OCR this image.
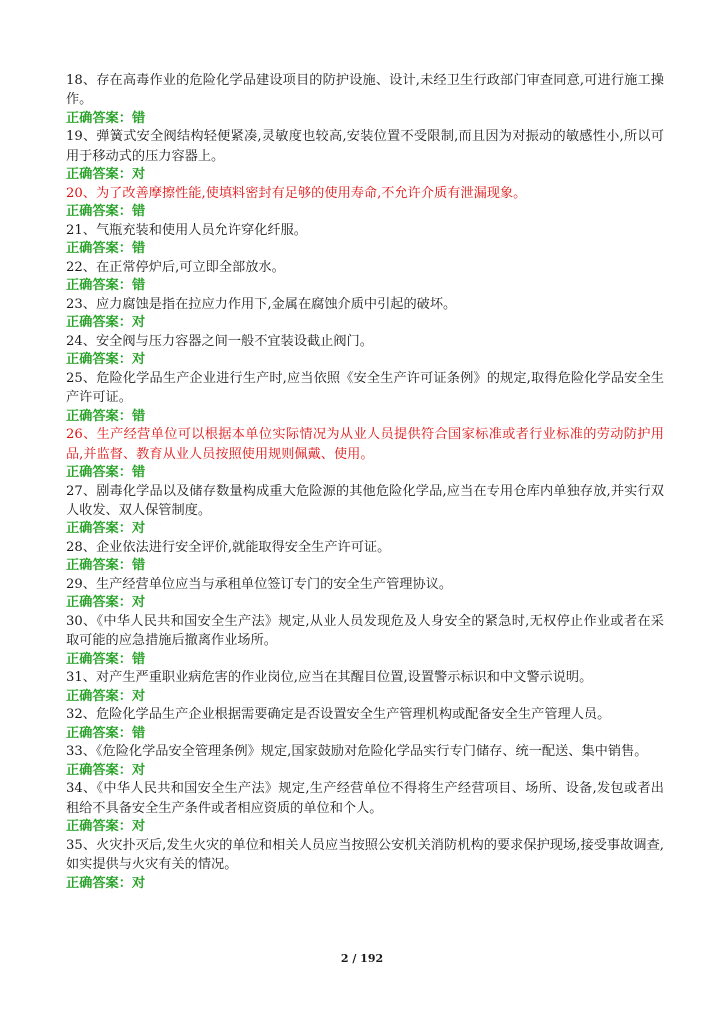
18、存在高毒作业的危险化学品建设项目的防护设施、设计,未经卫生行政部门审查同意,可进行施工操作。

正确答案：错

19、弹簧式安全阀结构轻便紧凑,灵敏度也较高,安装位置不受限制,而且因为对振动的敏感性小,所以可用于移动式的压力容器上。

正确答案：对

20、为了改善摩擦性能,使填料密封有足够的使用寿命,不允许介质有泄漏现象。

正确答案：错

21、气瓶充装和使用人员允许穿化纤服。

正确答案：错

22、在正常停炉后,可立即全部放水。

正确答案：错

23、应力腐蚀是指在拉应力作用下,金属在腐蚀介质中引起的破坏。

正确答案：对

24、安全阀与压力容器之间一般不宜装设截止阀门。

正确答案：对

25、危险化学品生产企业进行生产时,应当依照《安全生产许可证条例》的规定,取得危险化学品安全生产许可证。

正确答案：错

26、生产经营单位可以根据本单位实际情况为从业人员提供符合国家标准或者行业标准的劳动防护用品,并监督、教育从业人员按照使用规则佩戴、使用。

正确答案：错

27、剧毒化学品以及储存数量构成重大危险源的其他危险化学品,应当在专用仓库内单独存放,并实行双人收发、双人保管制度。

正确答案：对

28、企业依法进行安全评价,就能取得安全生产许可证。

正确答案：错

29、生产经营单位应当与承租单位签订专门的安全生产管理协议。

正确答案：对

30、《中华人民共和国安全生产法》规定,从业人员发现危及人身安全的紧急时,无权停止作业或者在采取可能的应急措施后撤离作业场所。

正确答案：错

31、对产生严重职业病危害的作业岗位,应当在其醒目位置,设置警示标识和中文警示说明。

正确答案：对

32、危险化学品生产企业根据需要确定是否设置安全生产管理机构或配备安全生产管理人员。

正确答案：错

33、《危险化学品安全管理条例》规定,国家鼓励对危险化学品实行专门储存、统一配送、集中销售。

正确答案：对

34、《中华人民共和国安全生产法》规定,生产经营单位不得将生产经营项目、场所、设备,发包或者出租给不具备安全生产条件或者相应资质的单位和个人。

正确答案：对

35、火灾扑灭后,发生火灾的单位和相关人员应当按照公安机关消防机构的要求保护现场,接受事故调查,如实提供与火灾有关的情况。

正确答案：对

2 / 192
